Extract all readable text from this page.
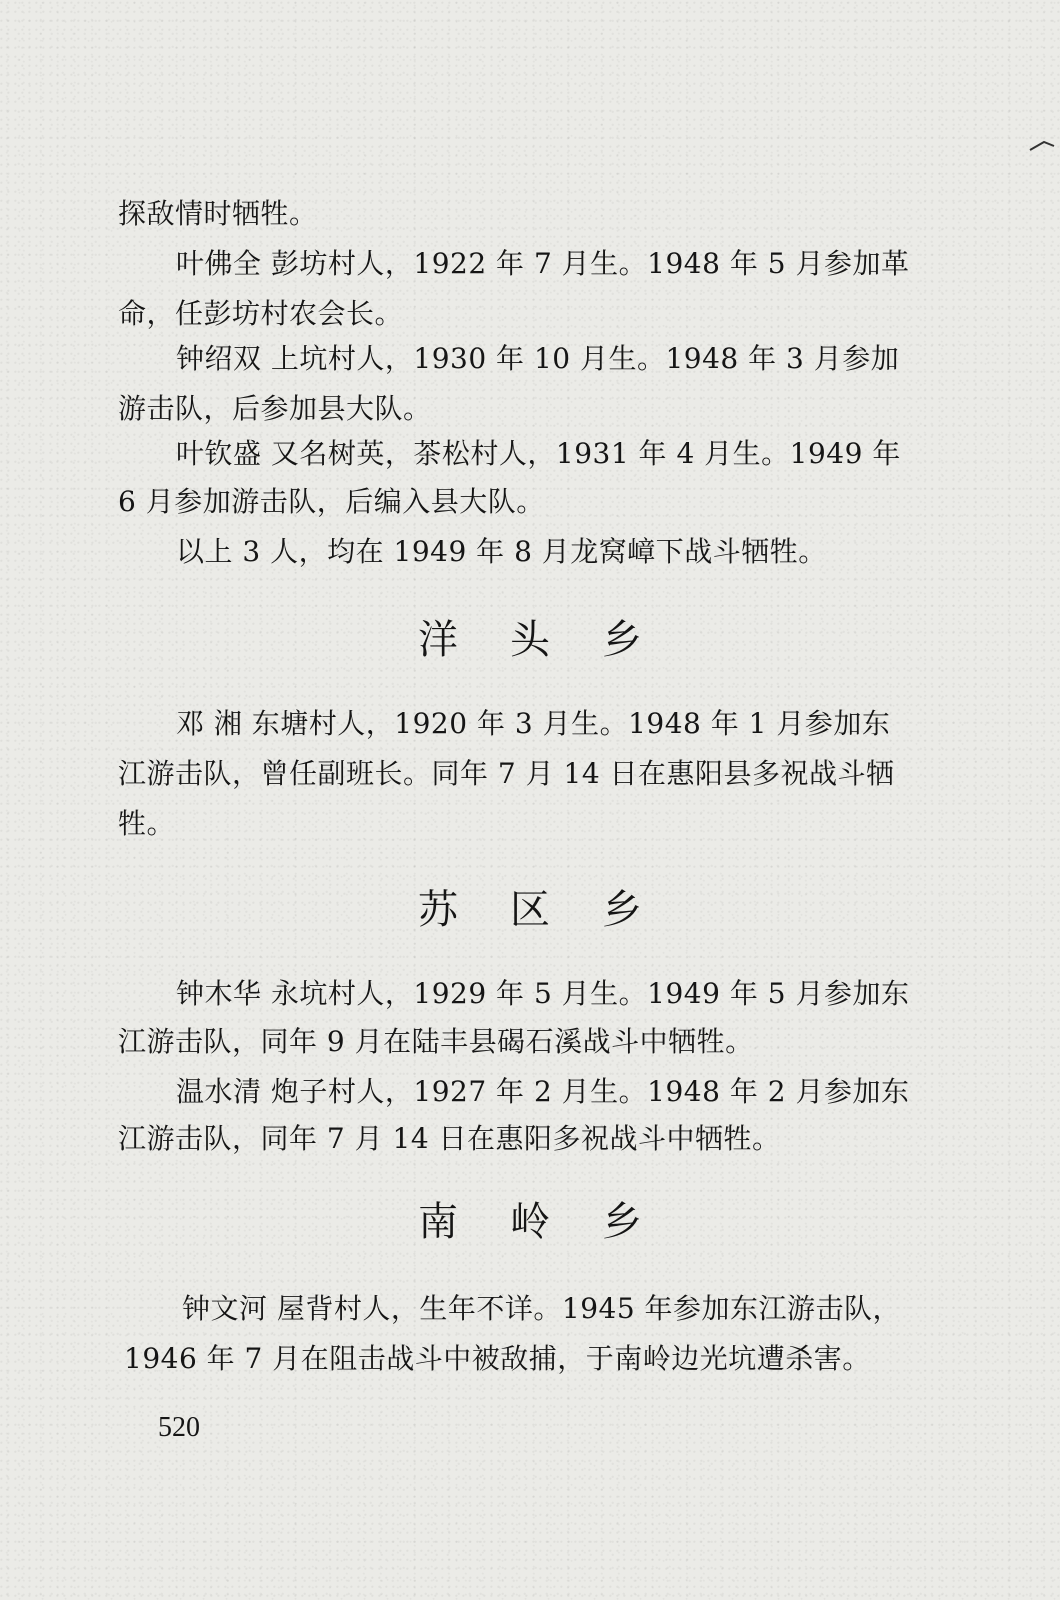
探敌情时牺牲。
叶佛全 彭坊村人，1922 年 7 月生。1948 年 5 月参加革
命，任彭坊村农会长。
钟绍双 上坑村人，1930 年 10 月生。1948 年 3 月参加
游击队，后参加县大队。
叶钦盛 又名树英，茶松村人，1931 年 4 月生。1949 年
6 月参加游击队，后编入县大队。
以上 3 人，均在 1949 年 8 月龙窝嶂下战斗牺牲。
洋头乡
邓 湘 东塘村人，1920 年 3 月生。1948 年 1 月参加东
江游击队，曾任副班长。同年 7 月 14 日在惠阳县多祝战斗牺
牲。
苏区乡
钟木华 永坑村人，1929 年 5 月生。1949 年 5 月参加东
江游击队，同年 9 月在陆丰县碣石溪战斗中牺牲。
温水清 炮子村人，1927 年 2 月生。1948 年 2 月参加东
江游击队，同年 7 月 14 日在惠阳多祝战斗中牺牲。
南岭乡
钟文河 屋背村人，生年不详。1945 年参加东江游击队，
1946 年 7 月在阻击战斗中被敌捕，于南岭边光坑遭杀害。
520
